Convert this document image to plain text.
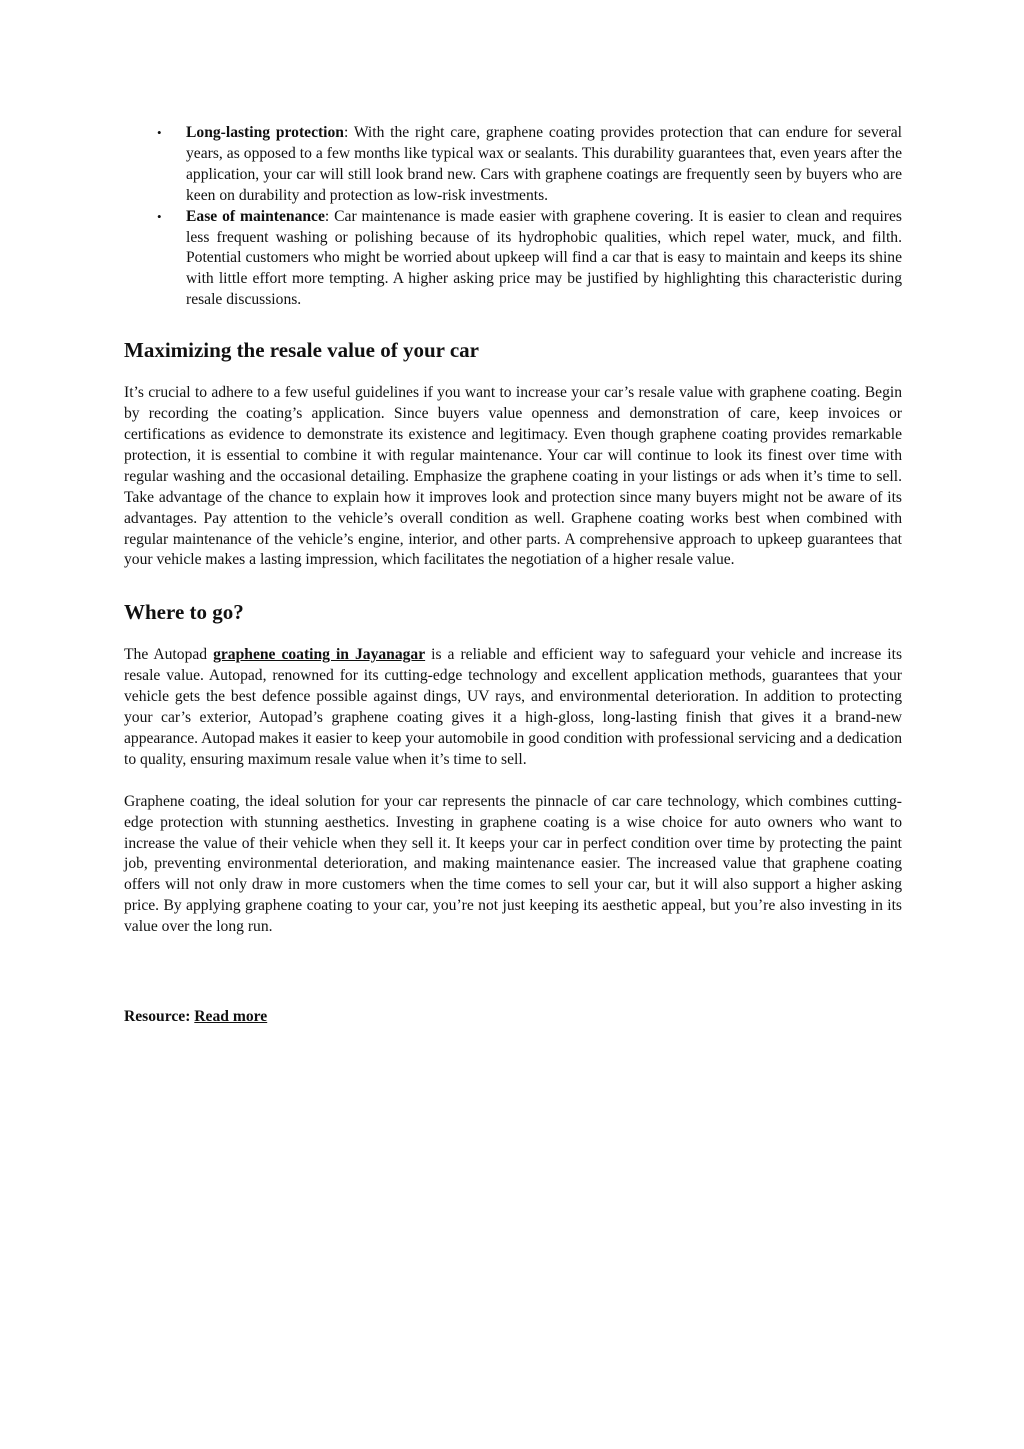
• Long-lasting protection: With the right care, graphene coating provides protection that can endure for several years, as opposed to a few months like typical wax or sealants. This durability guarantees that, even years after the application, your car will still look brand new. Cars with graphene coatings are frequently seen by buyers who are keen on durability and protection as low-risk investments.
• Ease of maintenance: Car maintenance is made easier with graphene covering. It is easier to clean and requires less frequent washing or polishing because of its hydrophobic qualities, which repel water, muck, and filth. Potential customers who might be worried about upkeep will find a car that is easy to maintain and keeps its shine with little effort more tempting. A higher asking price may be justified by highlighting this characteristic during resale discussions.
Maximizing the resale value of your car

It’s crucial to adhere to a few useful guidelines if you want to increase your car’s resale value with graphene coating. Begin by recording the coating’s application. Since buyers value openness and demonstration of care, keep invoices or certifications as evidence to demonstrate its existence and legitimacy. Even though graphene coating provides remarkable protection, it is essential to combine it with regular maintenance. Your car will continue to look its finest over time with regular washing and the occasional detailing. Emphasize the graphene coating in your listings or ads when it’s time to sell. Take advantage of the chance to explain how it improves look and protection since many buyers might not be aware of its advantages. Pay attention to the vehicle’s overall condition as well. Graphene coating works best when combined with regular maintenance of the vehicle’s engine, interior, and other parts. A comprehensive approach to upkeep guarantees that your vehicle makes a lasting impression, which facilitates the negotiation of a higher resale value.

Where to go?

The Autopad graphene coating in Jayanagar is a reliable and efficient way to safeguard your vehicle and increase its resale value. Autopad, renowned for its cutting-edge technology and excellent application methods, guarantees that your vehicle gets the best defence possible against dings, UV rays, and environmental deterioration. In addition to protecting your car’s exterior, Autopad’s graphene coating gives it a high-gloss, long-lasting finish that gives it a brand-new appearance. Autopad makes it easier to keep your automobile in good condition with professional servicing and a dedication to quality, ensuring maximum resale value when it’s time to sell.

Graphene coating, the ideal solution for your car represents the pinnacle of car care technology, which combines cutting-edge protection with stunning aesthetics. Investing in graphene coating is a wise choice for auto owners who want to increase the value of their vehicle when they sell it. It keeps your car in perfect condition over time by protecting the paint job, preventing environmental deterioration, and making maintenance easier. The increased value that graphene coating offers will not only draw in more customers when the time comes to sell your car, but it will also support a higher asking price. By applying graphene coating to your car, you’re not just keeping its aesthetic appeal, but you’re also investing in its value over the long run.

Resource: Read more
